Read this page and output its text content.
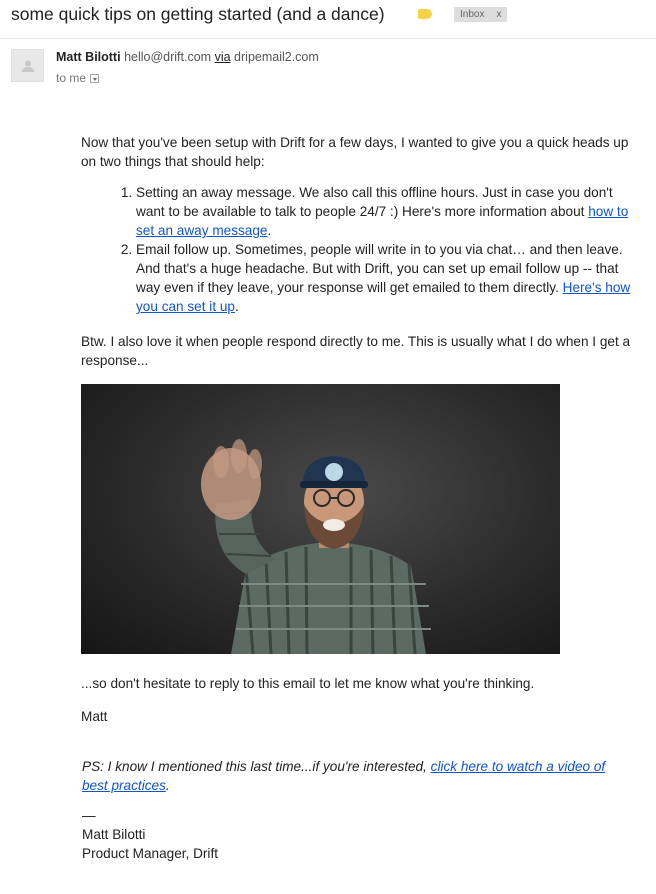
some quick tips on getting started (and a dance)	Inbox x
Matt Bilotti hello@drift.com via dripemail2.com
to me

Now that you've been setup with Drift for a few days, I wanted to give you a quick heads up on two things that should help:

1. Setting an away message. We also call this offline hours. Just in case you don't want to be available to talk to people 24/7 :) Here's more information about how to set an away message.
2. Email follow up. Sometimes, people will write in to you via chat… and then leave. And that's a huge headache. But with Drift, you can set up email follow up -- that way even if they leave, your response will get emailed to them directly. Here's how you can set it up.

Btw. I also love it when people respond directly to me. This is usually what I do when I get a response...

...so don't hesitate to reply to this email to let me know what you're thinking.

Matt

PS: I know I mentioned this last time...if you're interested, click here to watch a video of best practices.

—
Matt Bilotti
Product Manager, Drift
